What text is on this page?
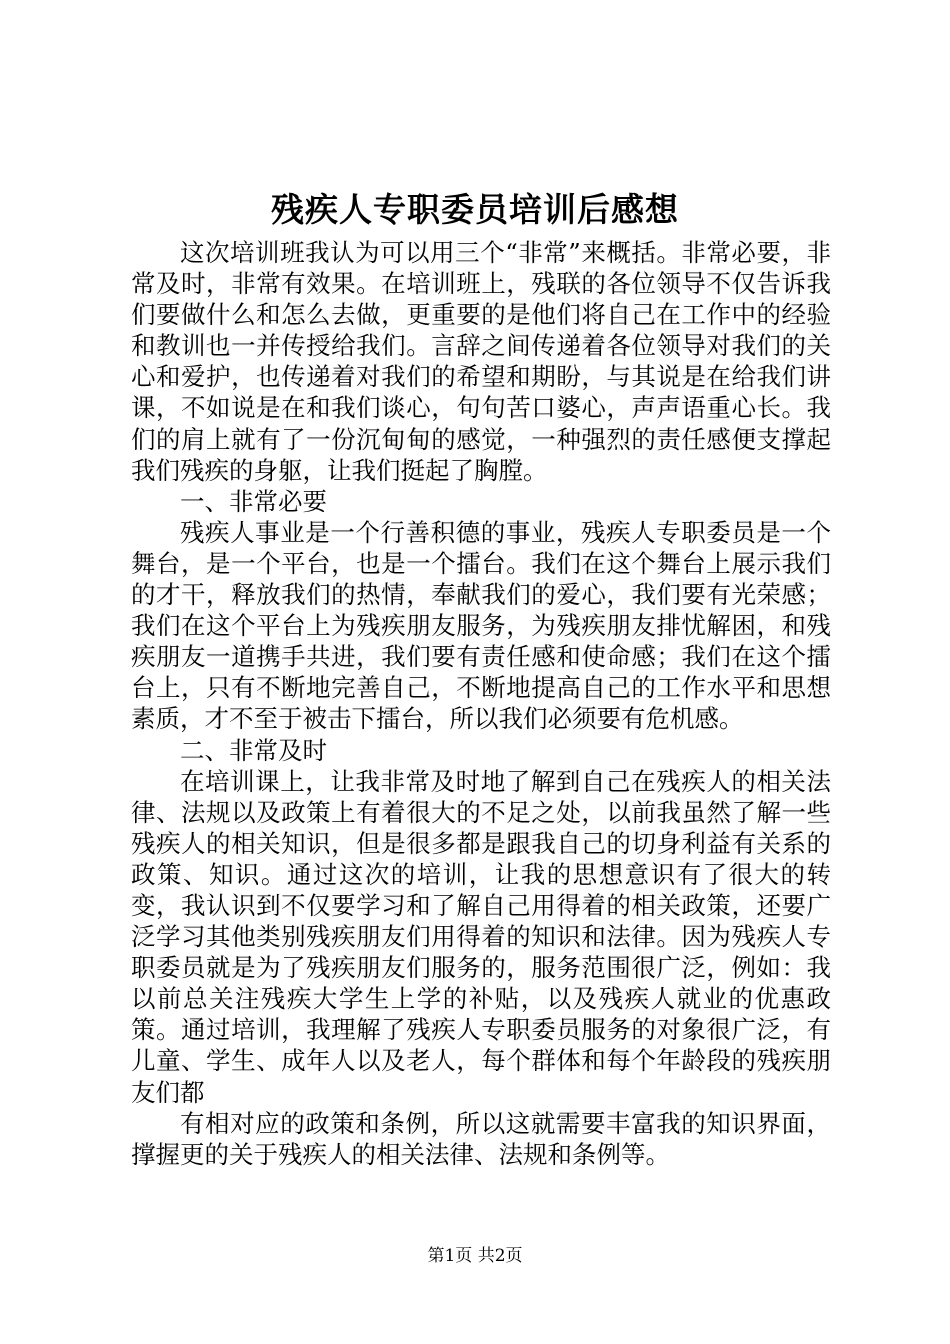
残疾人专职委员培训后感想

这次培训班我认为可以用三个“非常”来概括。非常必要，非常及时，非常有效果。在培训班上，残联的各位领导不仅告诉我们要做什么和怎么去做，更重要的是他们将自己在工作中的经验和教训也一并传授给我们。言辞之间传递着各位领导对我们的关心和爱护，也传递着对我们的希望和期盼，与其说是在给我们讲课，不如说是在和我们谈心，句句苦口婆心，声声语重心长。我们的肩上就有了一份沉甸甸的感觉，一种强烈的责任感便支撑起我们残疾的身躯，让我们挺起了胸膛。

一、非常必要

残疾人事业是一个行善积德的事业，残疾人专职委员是一个舞台，是一个平台，也是一个擂台。我们在这个舞台上展示我们的才干，释放我们的热情，奉献我们的爱心，我们要有光荣感；我们在这个平台上为残疾朋友服务，为残疾朋友排忧解困，和残疾朋友一道携手共进，我们要有责任感和使命感；我们在这个擂台上，只有不断地完善自己，不断地提高自己的工作水平和思想素质，才不至于被击下擂台，所以我们必须要有危机感。

二、非常及时

在培训课上，让我非常及时地了解到自己在残疾人的相关法律、法规以及政策上有着很大的不足之处，以前我虽然了解一些残疾人的相关知识，但是很多都是跟我自己的切身利益有关系的政策、知识。通过这次的培训，让我的思想意识有了很大的转变，我认识到不仅要学习和了解自己用得着的相关政策，还要广泛学习其他类别残疾朋友们用得着的知识和法律。因为残疾人专职委员就是为了残疾朋友们服务的，服务范围很广泛，例如：我以前总关注残疾大学生上学的补贴，以及残疾人就业的优惠政策。通过培训，我理解了残疾人专职委员服务的对象很广泛，有儿童、学生、成年人以及老人，每个群体和每个年龄段的残疾朋友们都

有相对应的政策和条例，所以这就需要丰富我的知识界面，撑握更的关于残疾人的相关法律、法规和条例等。

第1页 共2页
